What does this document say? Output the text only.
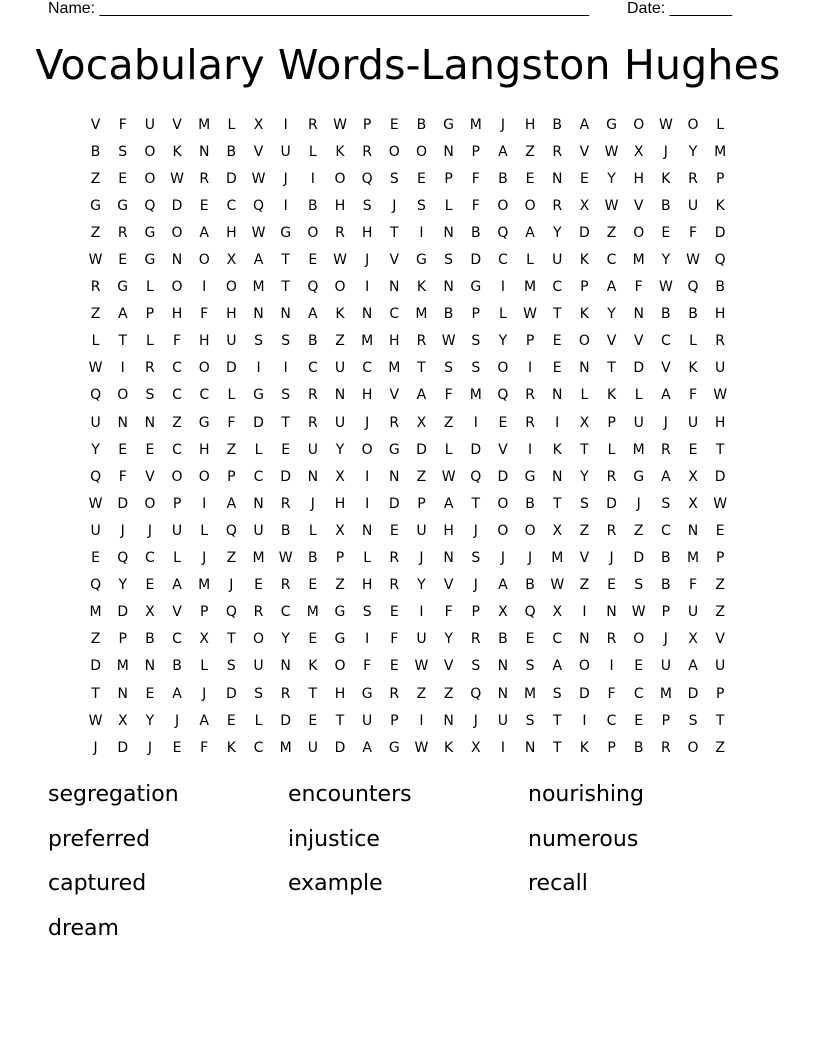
Name: _______________________________________________________ Date: _______
Vocabulary Words-Langston Hughes
V	F	U	V	M	L	X	I	R	W	P	E	B	G	M	J	H	B	A	G	O	W	O	L
B	S	O	K	N	B	V	U	L	K	R	O	O	N	P	A	Z	R	V	W	X	J	Y	M
Z	E	O	W	R	D	W	J	I	O	Q	S	E	P	F	B	E	N	E	Y	H	K	R	P
G	G	Q	D	E	C	Q	I	B	H	S	J	S	L	F	O	O	R	X	W	V	B	U	K
Z	R	G	O	A	H	W	G	O	R	H	T	I	N	B	Q	A	Y	D	Z	O	E	F	D
W	E	G	N	O	X	A	T	E	W	J	V	G	S	D	C	L	U	K	C	M	Y	W	Q
R	G	L	O	I	O	M	T	Q	O	I	N	K	N	G	I	M	C	P	A	F	W	Q	B
Z	A	P	H	F	H	N	N	A	K	N	C	M	B	P	L	W	T	K	Y	N	B	B	H
L	T	L	F	H	U	S	S	B	Z	M	H	R	W	S	Y	P	E	O	V	V	C	L	R
W	I	R	C	O	D	I	I	C	U	C	M	T	S	S	O	I	E	N	T	D	V	K	U
Q	O	S	C	C	L	G	S	R	N	H	V	A	F	M	Q	R	N	L	K	L	A	F	W
U	N	N	Z	G	F	D	T	R	U	J	R	X	Z	I	E	R	I	X	P	U	J	U	H
Y	E	E	C	H	Z	L	E	U	Y	O	G	D	L	D	V	I	K	T	L	M	R	E	T
Q	F	V	O	O	P	C	D	N	X	I	N	Z	W	Q	D	G	N	Y	R	G	A	X	D
W	D	O	P	I	A	N	R	J	H	I	D	P	A	T	O	B	T	S	D	J	S	X	W
U	J	J	U	L	Q	U	B	L	X	N	E	U	H	J	O	O	X	Z	R	Z	C	N	E
E	Q	C	L	J	Z	M	W	B	P	L	R	J	N	S	J	J	M	V	J	D	B	M	P
Q	Y	E	A	M	J	E	R	E	Z	H	R	Y	V	J	A	B	W	Z	E	S	B	F	Z
M	D	X	V	P	Q	R	C	M	G	S	E	I	F	P	X	Q	X	I	N	W	P	U	Z
Z	P	B	C	X	T	O	Y	E	G	I	F	U	Y	R	B	E	C	N	R	O	J	X	V
D	M	N	B	L	S	U	N	K	O	F	E	W	V	S	N	S	A	O	I	E	U	A	U
T	N	E	A	J	D	S	R	T	H	G	R	Z	Z	Q	N	M	S	D	F	C	M	D	P
W	X	Y	J	A	E	L	D	E	T	U	P	I	N	J	U	S	T	I	C	E	P	S	T
J	D	J	E	F	K	C	M	U	D	A	G	W	K	X	I	N	T	K	P	B	R	O	Z
segregation
preferred
captured
dream
encounters
injustice
example
nourishing
numerous
recall
